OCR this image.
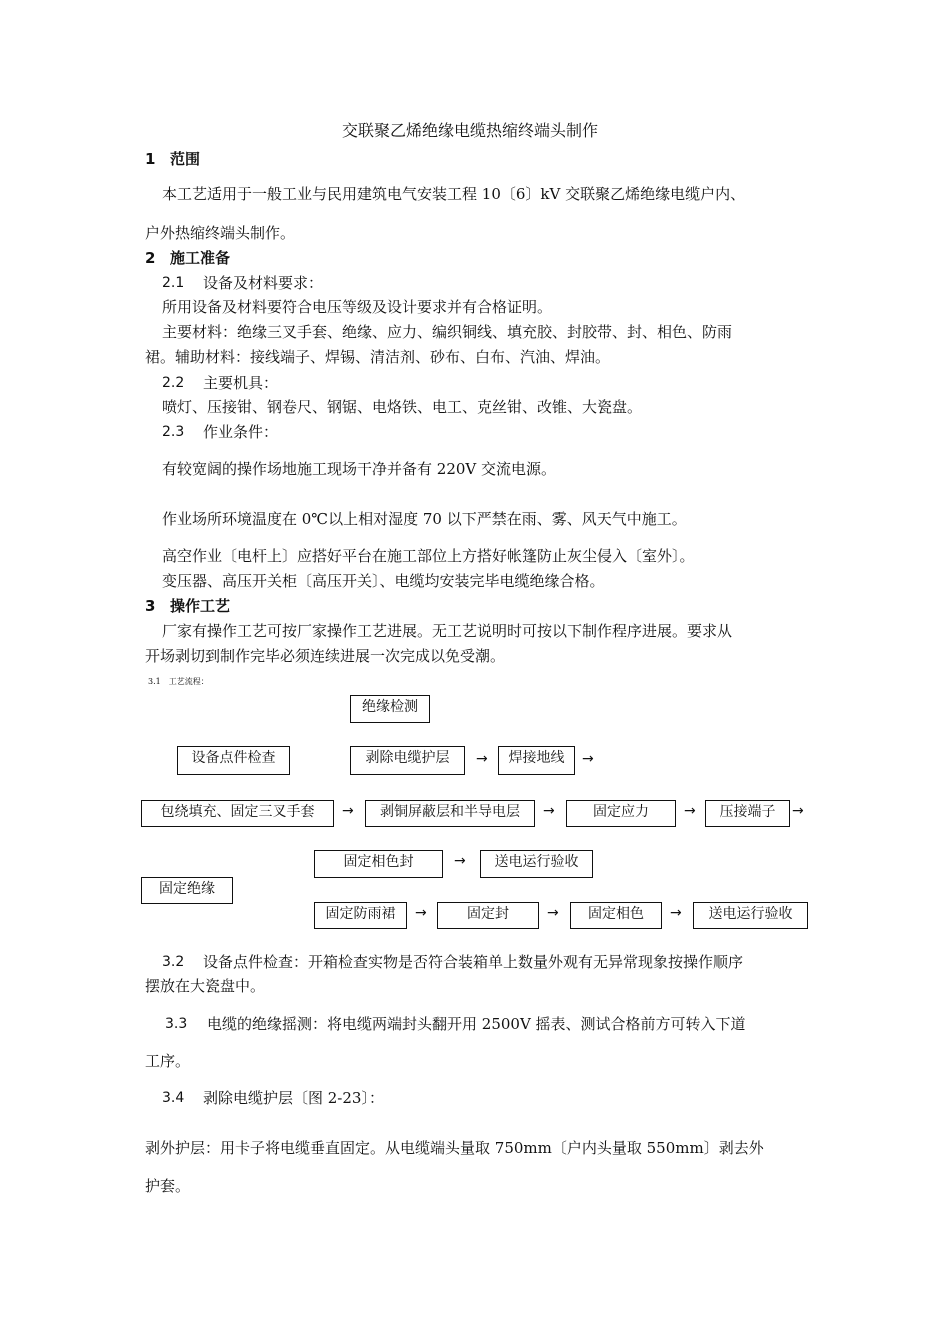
交联聚乙烯绝缘电缆热缩终端头制作
1 范围
本工艺适用于一般工业与民用建筑电气安装工程 10〔6〕kV 交联聚乙烯绝缘电缆户内、
户外热缩终端头制作。
2 施工准备
2.1 设备及材料要求：
所用设备及材料要符合电压等级及设计要求并有合格证明。
主要材料：绝缘三叉手套、绝缘、应力、编织铜线、填充胶、封胶带、封、相色、防雨
裙。辅助材料：接线端子、焊锡、清洁剂、砂布、白布、汽油、焊油。
2.2 主要机具：
喷灯、压接钳、钢卷尺、钢锯、电烙铁、电工、克丝钳、改锥、大瓷盘。
2.3 作业条件：
有较宽阔的操作场地施工现场干净并备有 220V 交流电源。
作业场所环境温度在 0℃以上相对湿度 70 以下严禁在雨、雾、风天气中施工。
高空作业〔电杆上〕应搭好平台在施工部位上方搭好帐篷防止灰尘侵入〔室外〕。
变压器、高压开关柜〔高压开关〕、电缆均安装完毕电缆绝缘合格。
3 操作工艺
厂家有操作工艺可按厂家操作工艺进展。无工艺说明时可按以下制作程序进展。要求从
开场剥切到制作完毕必须连续进展一次完成以免受潮。
3.1　工艺流程：
绝缘检测
设备点件检查	剥除电缆护层	→	焊接地线	→
包绕填充、固定三叉手套	→	剥铜屏蔽层和半导电层	→	固定应力	→	压接端子	→
固定相色封	→	送电运行验收
固定绝缘
固定防雨裙	→	固定封	→	固定相色	→	送电运行验收
3.2 设备点件检查：开箱检查实物是否符合装箱单上数量外观有无异常现象按操作顺序
摆放在大瓷盘中。
3.3 电缆的绝缘摇测：将电缆两端封头翻开用 2500V 摇表、测试合格前方可转入下道
工序。
3.4 剥除电缆护层〔图 2-23〕：
剥外护层：用卡子将电缆垂直固定。从电缆端头量取 750mm〔户内头量取 550mm〕剥去外
护套。
